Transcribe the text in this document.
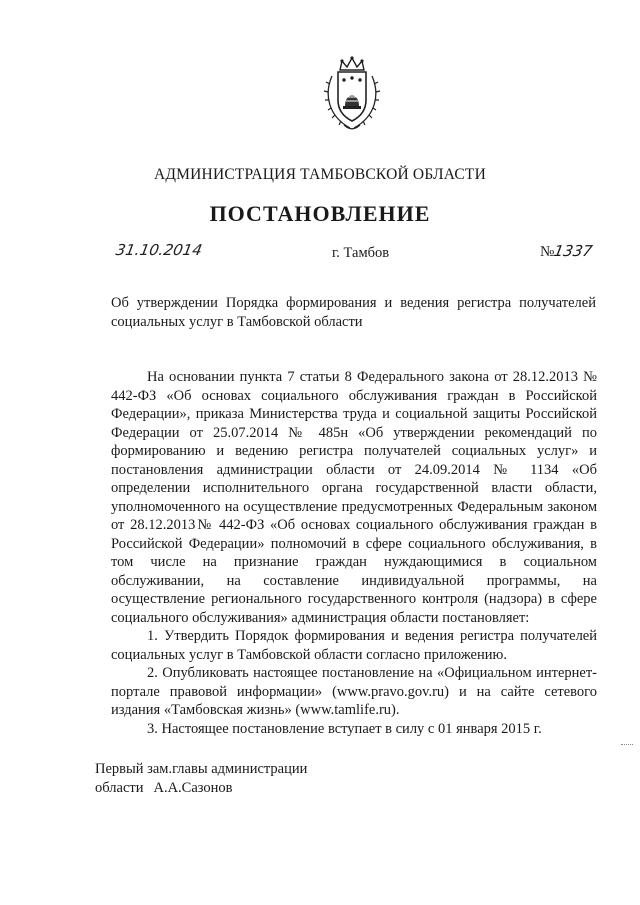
АДМИНИСТРАЦИЯ ТАМБОВСКОЙ ОБЛАСТИ
ПОСТАНОВЛЕНИЕ
31.10.2014	г. Тамбов	№1337
Об утверждении Порядка формирования и ведения регистра получателей социальных услуг в Тамбовской области

На основании пункта 7 статьи 8 Федерального закона от 28.12.2013 № 442-ФЗ «Об основах социального обслуживания граждан в Российской Федерации», приказа Министерства труда и социальной защиты Российской Федерации от 25.07.2014 № 485н «Об утверждении рекомендаций по формированию и ведению регистра получателей социальных услуг» и постановления администрации области от 24.09.2014 № 1134 «Об определении исполнительного органа государственной власти области, уполномоченного на осуществление предусмотренных Федеральным законом от 28.12.2013№ 442-ФЗ «Об основах социального обслуживания граждан в Российской Федерации» полномочий в сфере социального обслуживания, в том числе на признание граждан нуждающимися в социальном обслуживании, на составление индивидуальной программы, на осуществление регионального государственного контроля (надзора) в сфере социального обслуживания» администрация области постановляет:

1. Утвердить Порядок формирования и ведения регистра получателей социальных услуг в Тамбовской области согласно приложению.

2. Опубликовать настоящее постановление на «Официальном интернет-портале правовой информации» (www.pravo.gov.ru) и на сайте сетевого издания «Тамбовская жизнь» (www.tamlife.ru).

3. Настоящее постановление вступает в силу с 01 января 2015 г.

Первый зам.главы администрации
области А.А.Сазонов
